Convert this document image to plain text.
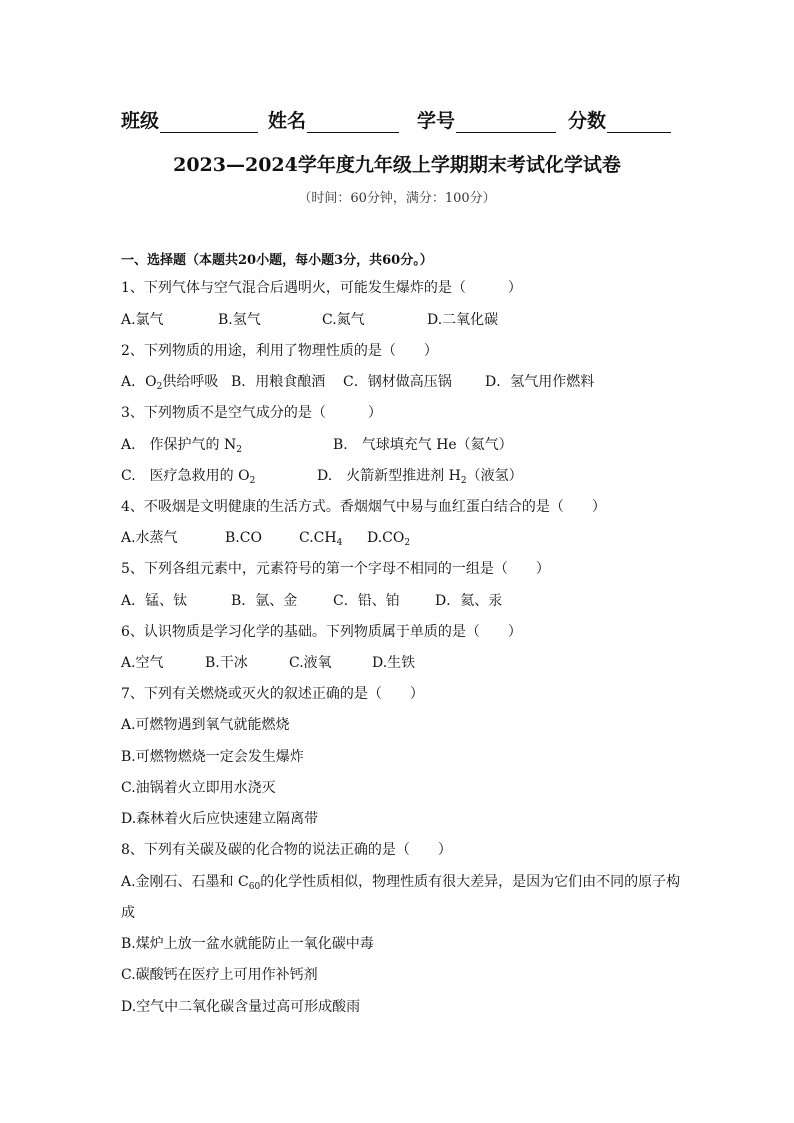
班级	姓名	学号	分数
2023—2024学年度九年级上学期期末考试化学试卷
（时间：60分钟，满分：100分）
一、选择题（本题共20小题，每小题3分，共60分。）
1、下列气体与空气混合后遇明火，可能发生爆炸的是（　　　）
A.氯气	B.氢气	C.氮气	D.二氧化碳
2、下列物质的用途，利用了物理性质的是（　　）
A．$O_2$供给呼吸 B．用粮食酿酒 C．钢材做高压锅 D．氢气用作燃料
3、下列物质不是空气成分的是（　　　）
A.　作保护气的 $N_2$	B.　气球填充气 He（氦气）
C.　医疗急救用的 $O_2$	D.　火箭新型推进剂 $H_2$（液氢）
4、不吸烟是文明健康的生活方式。香烟烟气中易与血红蛋白结合的是（　　）
A.水蒸气	B.CO	$C.CH_4$ $D.CO_2$
5、下列各组元素中，元素符号的第一个字母不相同的一组是（　　）
A．锰、钛	B．氩、金	C．铅、铂	D．氦、汞
6、认识物质是学习化学的基础。下列物质属于单质的是（　　）
A.空气	B.干冰	C.液氧	D.生铁
7、下列有关燃烧或灭火的叙述正确的是（　　）
A.可燃物遇到氧气就能燃烧
B.可燃物燃烧一定会发生爆炸
C.油锅着火立即用水浇灭
D.森林着火后应快速建立隔离带
8、下列有关碳及碳的化合物的说法正确的是（　　）
A.金刚石、石墨和 $C_{60}$的化学性质相似，物理性质有很大差异，是因为它们由不同的原子构
成
B.煤炉上放一盆水就能防止一氧化碳中毒
C.碳酸钙在医疗上可用作补钙剂
D.空气中二氧化碳含量过高可形成酸雨
